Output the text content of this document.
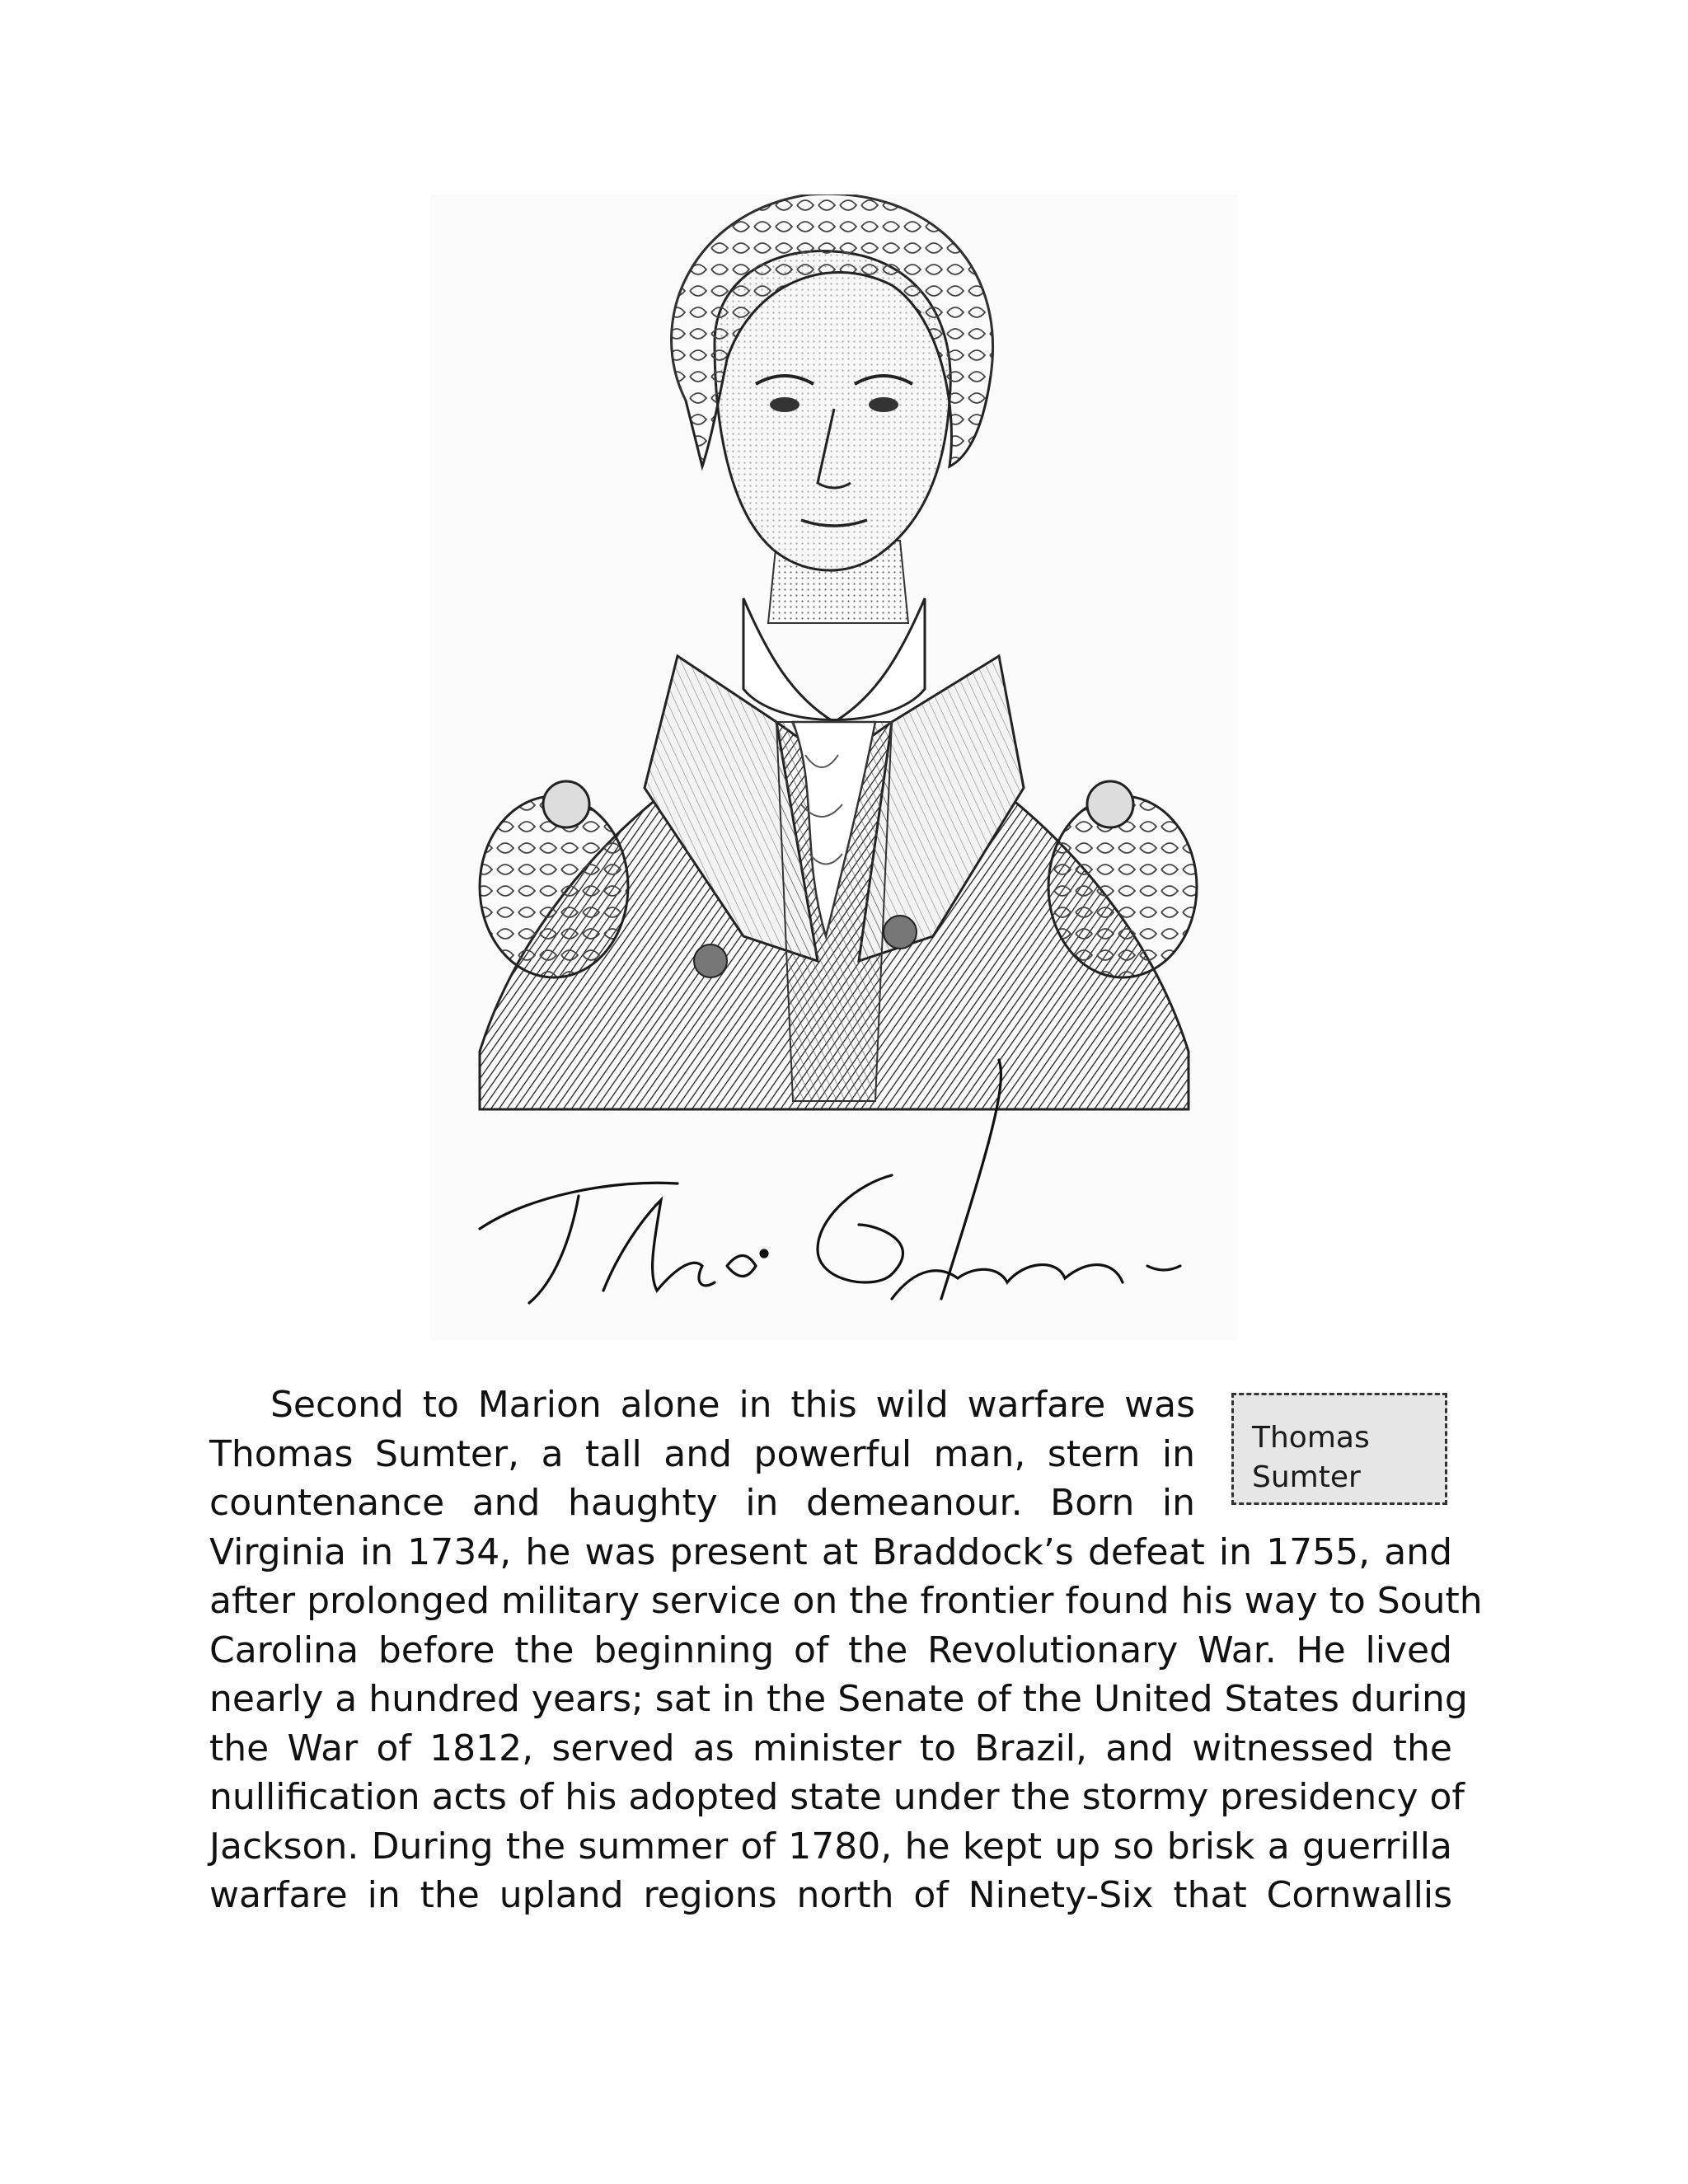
Thomas
Sumter
Second to Marion alone in this wild warfare was
Thomas Sumter, a tall and powerful man, stern in
countenance and haughty in demeanour. Born in
Virginia in 1734, he was present at Braddock’s defeat in 1755, and
after prolonged military service on the frontier found his way to South
Carolina before the beginning of the Revolutionary War. He lived
nearly a hundred years; sat in the Senate of the United States during
the War of 1812, served as minister to Brazil, and witnessed the
nullification acts of his adopted state under the stormy presidency of
Jackson. During the summer of 1780, he kept up so brisk a guerrilla
warfare in the upland regions north of Ninety-Six that Cornwallis
